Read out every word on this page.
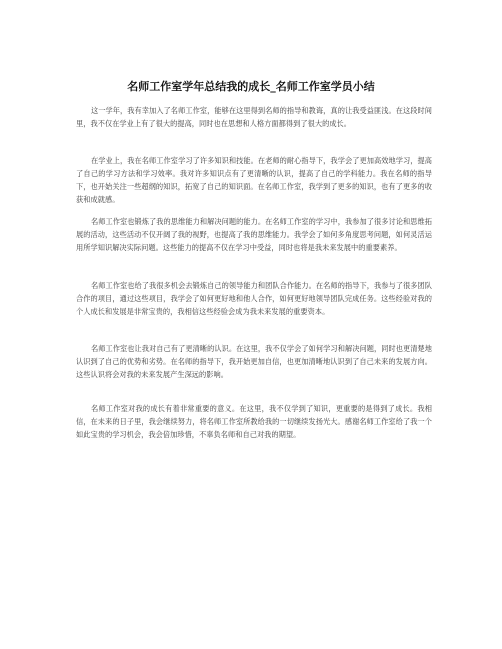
名师工作室学年总结我的成长_名师工作室学员小结

这一学年，我有幸加入了名师工作室，能够在这里得到名师的指导和教诲，真的让我受益匪浅。在这段时间里，我不仅在学业上有了很大的提高，同时也在思想和人格方面都得到了很大的成长。

在学业上，我在名师工作室学习了许多知识和技能。在老师的耐心指导下，我学会了更加高效地学习，提高了自己的学习方法和学习效率。我对许多知识点有了更清晰的认识，提高了自己的学科能力。我在名师的指导下，也开始关注一些超纲的知识，拓宽了自己的知识面。在名师工作室，我学到了更多的知识，也有了更多的收获和成就感。

名师工作室也锻炼了我的思维能力和解决问题的能力。在名师工作室的学习中，我参加了很多讨论和思维拓展的活动，这些活动不仅开阔了我的视野，也提高了我的思维能力。我学会了如何多角度思考问题，如何灵活运用所学知识解决实际问题。这些能力的提高不仅在学习中受益，同时也将是我未来发展中的重要素养。

名师工作室也给了我很多机会去锻炼自己的领导能力和团队合作能力。在名师的指导下，我参与了很多团队合作的项目，通过这些项目，我学会了如何更好地和他人合作，如何更好地领导团队完成任务。这些经验对我的个人成长和发展是非常宝贵的，我相信这些经验会成为我未来发展的重要资本。

名师工作室也让我对自己有了更清晰的认识。在这里，我不仅学会了如何学习和解决问题，同时也更清楚地认识到了自己的优势和劣势。在名师的指导下，我开始更加自信，也更加清晰地认识到了自己未来的发展方向。这些认识将会对我的未来发展产生深远的影响。

名师工作室对我的成长有着非常重要的意义。在这里，我不仅学到了知识，更重要的是得到了成长。我相信，在未来的日子里，我会继续努力，将名师工作室所教给我的一切继续发扬光大。感谢名师工作室给了我一个如此宝贵的学习机会，我会倍加珍惜，不辜负名师和自己对我的期望。
